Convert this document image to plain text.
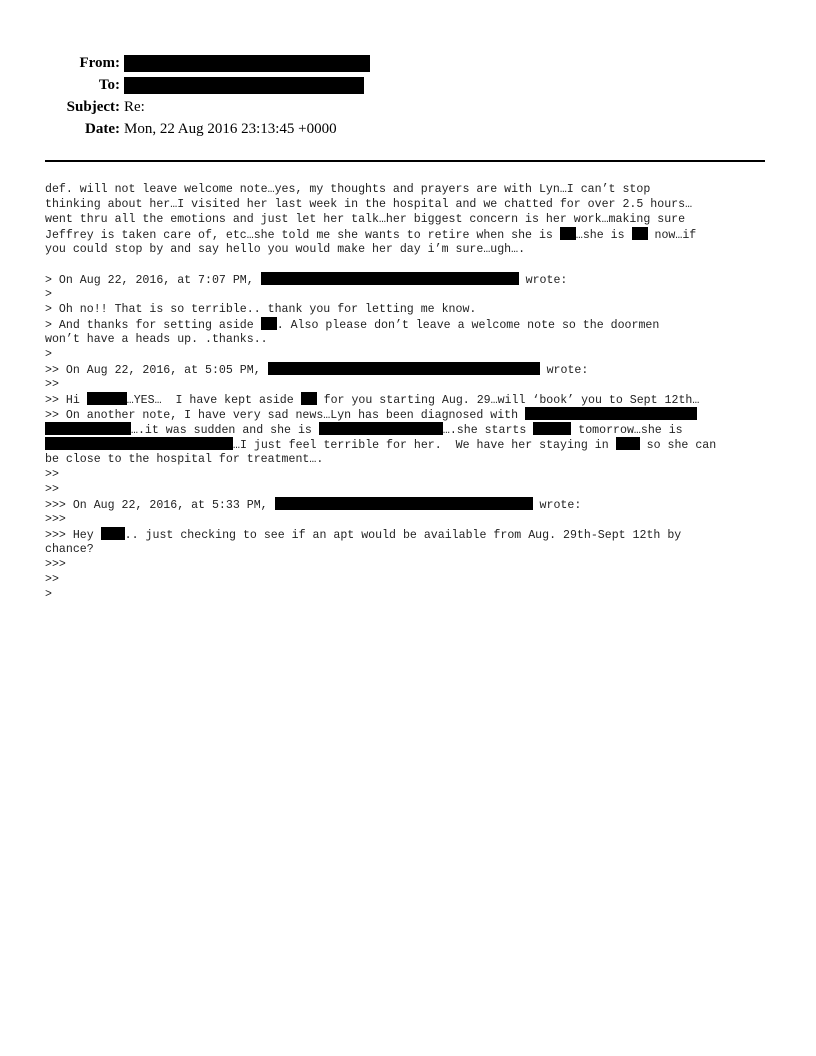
From:
To:
Subject: Re:
Date: Mon, 22 Aug 2016 23:13:45 +0000
def. will not leave welcome note…yes, my thoughts and prayers are with Lyn…I can’t stop
thinking about her…I visited her last week in the hospital and we chatted for over 2.5 hours…
went thru all the emotions and just let her talk…her biggest concern is her work…making sure
Jeffrey is taken care of, etc…she told me she wants to retire when she is …she is  now…if
you could stop by and say hello you would make her day i’m sure…ugh….
> On Aug 22, 2016, at 7:07 PM,	wrote:
>
> Oh no!! That is so terrible.. thank you for letting me know.
> And thanks for setting aside . Also please don’t leave a welcome note so the doormen
won’t have a heads up. .thanks..
>
>> On Aug 22, 2016, at 5:05 PM,	wrote:
>>
>> Hi	…YES…  I have kept aside  for you starting Aug. 29…will ‘book’ you to Sept 12th…
>> On another note, I have very sad news…Lyn has been diagnosed with
….it was sudden and she is	….she starts	tomorrow…she is
…I just feel terrible for her.  We have her staying in  so she can
be close to the hospital for treatment….
>>
>>
>>> On Aug 22, 2016, at 5:33 PM,	wrote:
>>>
>>> Hey .. just checking to see if an apt would be available from Aug. 29th-Sept 12th by
chance?
>>>
>>
>
